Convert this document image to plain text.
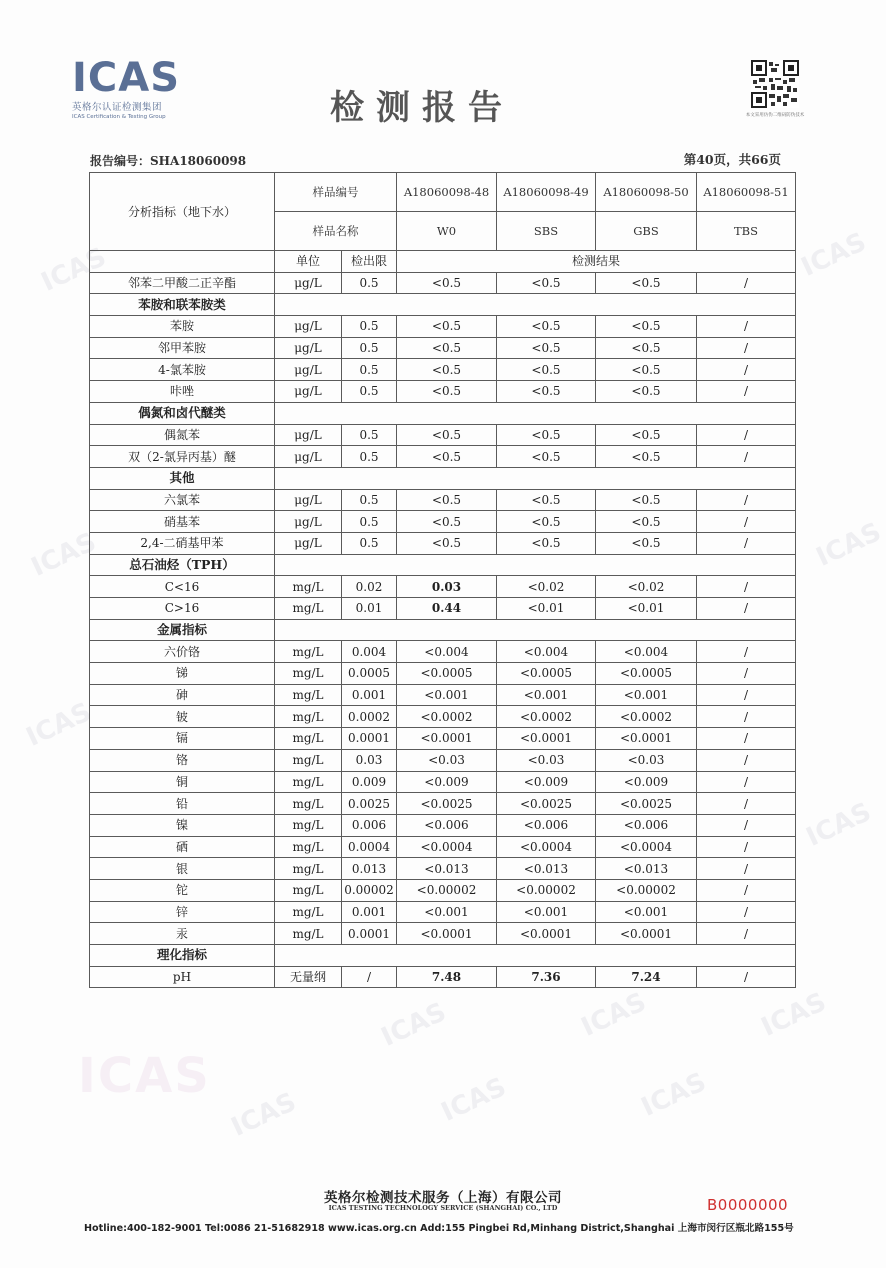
ICAS	ICAS
ICAS	ICAS
ICAS
ICAS
ICAS	ICAS	ICAS
ICAS	ICAS	ICAS
ICAS
ICAS
英格尔认证检测集团
ICAS Certification & Testing Group	检测报告	本文采用仿伪二维码防伪技术
报告编号：SHA18060098	第40页，共66页
分析指标（地下水）	样品编号		A18060098-48	A18060098-49	A18060098-50	A18060098-51
	样品名称		W0	SBS	GBS	TBS
	单位	检出限	检测结果			
邻苯二甲酸二正辛酯	μg/L	0.5	<0.5	<0.5	<0.5	/
苯胺和联苯胺类						
苯胺	μg/L	0.5	<0.5	<0.5	<0.5	/
邻甲苯胺	μg/L	0.5	<0.5	<0.5	<0.5	/
4-氯苯胺	μg/L	0.5	<0.5	<0.5	<0.5	/
咔唑	μg/L	0.5	<0.5	<0.5	<0.5	/
偶氮和卤代醚类						
偶氮苯	μg/L	0.5	<0.5	<0.5	<0.5	/
双（2-氯异丙基）醚	μg/L	0.5	<0.5	<0.5	<0.5	/
其他						
六氯苯	μg/L	0.5	<0.5	<0.5	<0.5	/
硝基苯	μg/L	0.5	<0.5	<0.5	<0.5	/
2,4-二硝基甲苯	μg/L	0.5	<0.5	<0.5	<0.5	/
总石油烃（TPH）						
C<16	mg/L	0.02	0.03	<0.02	<0.02	/
C>16	mg/L	0.01	0.44	<0.01	<0.01	/
金属指标						
六价铬	mg/L	0.004	<0.004	<0.004	<0.004	/
锑	mg/L	0.0005	<0.0005	<0.0005	<0.0005	/
砷	mg/L	0.001	<0.001	<0.001	<0.001	/
铍	mg/L	0.0002	<0.0002	<0.0002	<0.0002	/
镉	mg/L	0.0001	<0.0001	<0.0001	<0.0001	/
铬	mg/L	0.03	<0.03	<0.03	<0.03	/
铜	mg/L	0.009	<0.009	<0.009	<0.009	/
铅	mg/L	0.0025	<0.0025	<0.0025	<0.0025	/
镍	mg/L	0.006	<0.006	<0.006	<0.006	/
硒	mg/L	0.0004	<0.0004	<0.0004	<0.0004	/
银	mg/L	0.013	<0.013	<0.013	<0.013	/
铊	mg/L	0.00002	<0.00002	<0.00002	<0.00002	/
锌	mg/L	0.001	<0.001	<0.001	<0.001	/
汞	mg/L	0.0001	<0.0001	<0.0001	<0.0001	/
理化指标						
pH	无量纲	/	7.48	7.36	7.24	/
英格尔检测技术服务（上海）有限公司
ICAS TESTING TECHNOLOGY SERVICE (SHANGHAI) CO., LTD	B0000000
Hotline:400-182-9001 Tel:0086 21-51682918 www.icas.org.cn Add:155 Pingbei Rd,Minhang District,Shanghai 上海市闵行区瓶北路155号
